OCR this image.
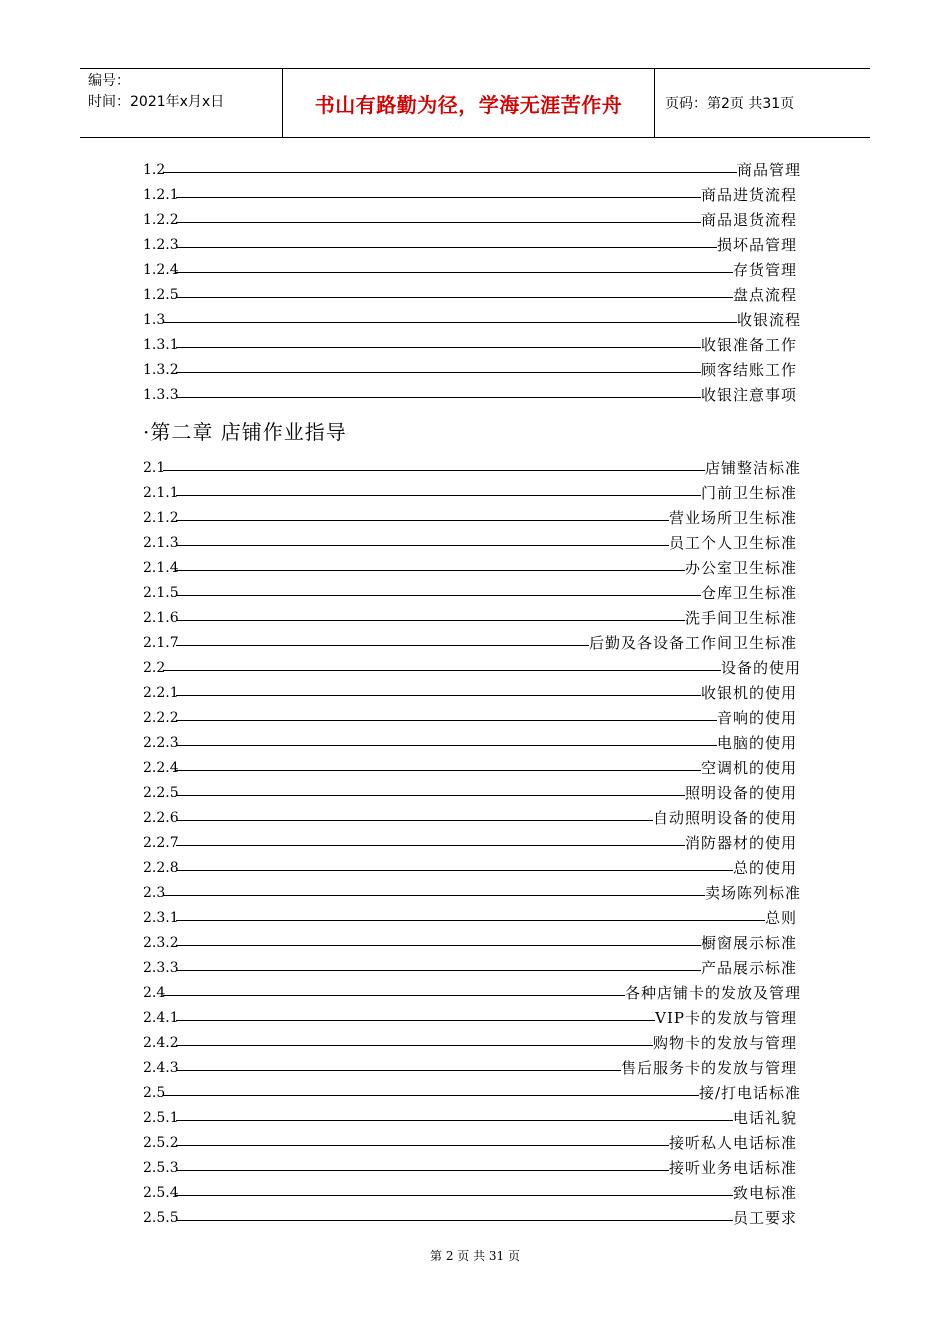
编号：
时间：2021年x月x日	书山有路勤为径，学海无涯苦作舟	页码：第2页 共31页
1.2	商品管理
1.2.1	商品进货流程
1.2.2	商品退货流程
1.2.3	损坏品管理
1.2.4	存货管理
1.2.5	盘点流程
1.3	收银流程
1.3.1	收银准备工作
1.3.2	顾客结账工作
1.3.3	收银注意事项
·第二章 店铺作业指导
2.1	店铺整洁标准
2.1.1	门前卫生标准
2.1.2	营业场所卫生标准
2.1.3	员工个人卫生标准
2.1.4	办公室卫生标准
2.1.5	仓库卫生标准
2.1.6	洗手间卫生标准
2.1.7	后勤及各设备工作间卫生标准
2.2	设备的使用
2.2.1	收银机的使用
2.2.2	音响的使用
2.2.3	电脑的使用
2.2.4	空调机的使用
2.2.5	照明设备的使用
2.2.6	自动照明设备的使用
2.2.7	消防器材的使用
2.2.8	总的使用
2.3	卖场陈列标准
2.3.1	总则
2.3.2	橱窗展示标准
2.3.3	产品展示标准
2.4	各种店铺卡的发放及管理
2.4.1	VIP卡的发放与管理
2.4.2	购物卡的发放与管理
2.4.3	售后服务卡的发放与管理
2.5	接/打电话标准
2.5.1	电话礼貌
2.5.2	接听私人电话标准
2.5.3	接听业务电话标准
2.5.4	致电标准
2.5.5	员工要求
第 2 页 共 31 页
